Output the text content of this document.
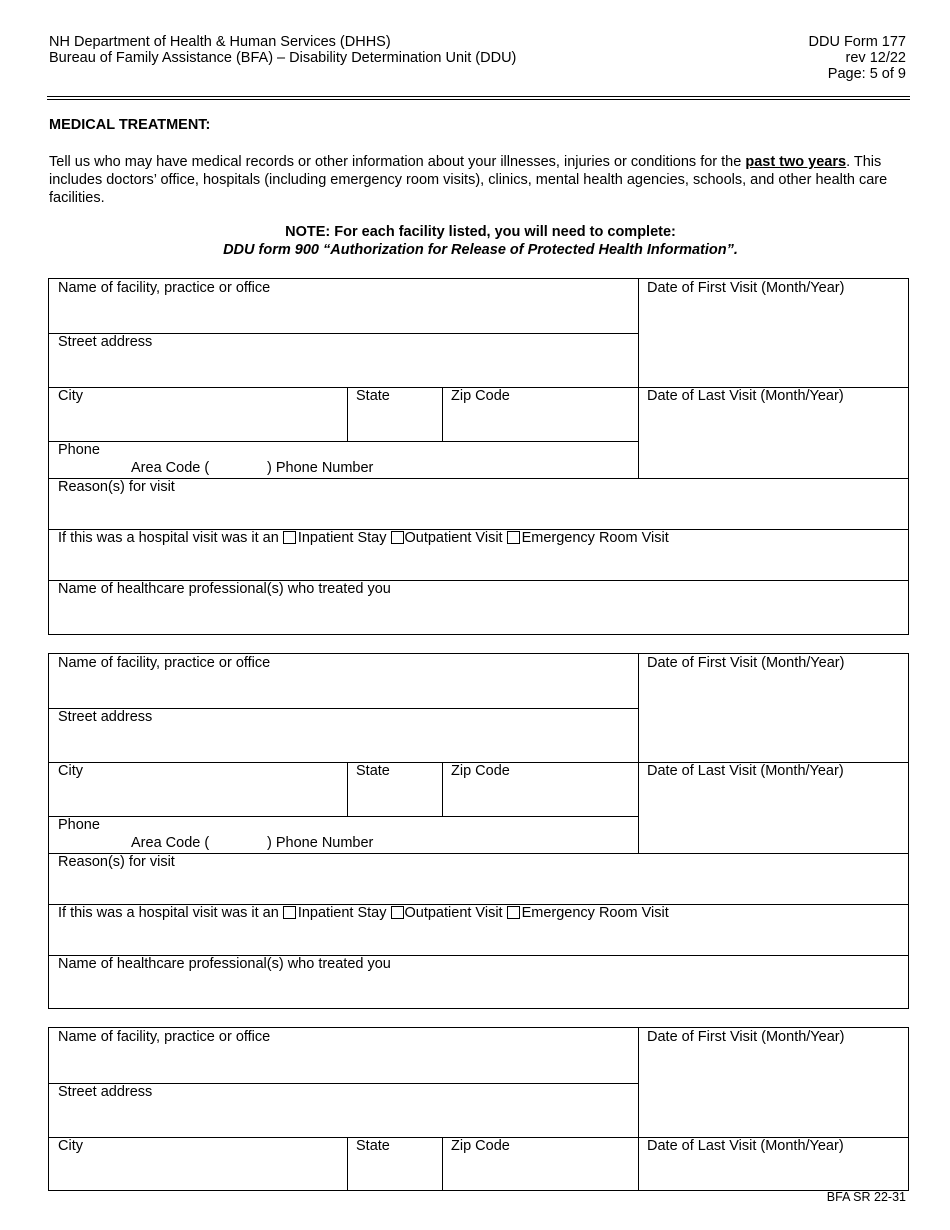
NH Department of Health & Human Services (DHHS)
Bureau of Family Assistance (BFA) – Disability Determination Unit (DDU)
DDU Form 177
rev 12/22
Page: 5 of 9
MEDICAL TREATMENT:
Tell us who may have medical records or other information about your illnesses, injuries or conditions for the past two years. This includes doctors’ office, hospitals (including emergency room visits), clinics, mental health agencies, schools, and other health care facilities.
NOTE: For each facility listed, you will need to complete:
DDU form 900 “Authorization for Release of Protected Health Information”.
Name of facility, practice or office	Date of First Visit (Month/Year)
Street address
City	State	Zip Code	Date of Last Visit (Month/Year)
Phone
Area Code (	) Phone Number
Reason(s) for visit
If this was a hospital visit was it an Inpatient Stay Outpatient Visit Emergency Room Visit
Name of healthcare professional(s) who treated you
Name of facility, practice or office	Date of First Visit (Month/Year)
Street address
City	State	Zip Code	Date of Last Visit (Month/Year)
Phone
Area Code (	) Phone Number
Reason(s) for visit
If this was a hospital visit was it an Inpatient Stay Outpatient Visit Emergency Room Visit
Name of healthcare professional(s) who treated you
Name of facility, practice or office	Date of First Visit (Month/Year)
Street address
City	State	Zip Code	Date of Last Visit (Month/Year)
BFA SR 22-31
